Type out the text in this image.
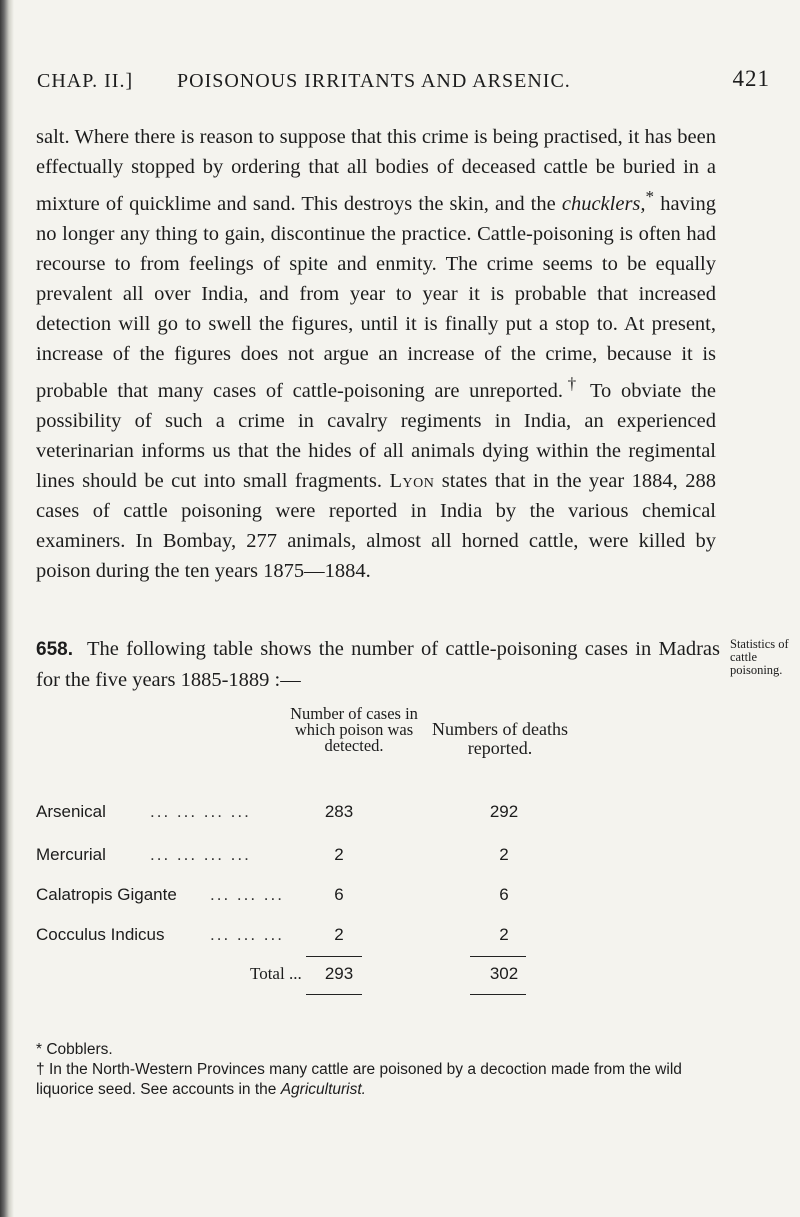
CHAP. II.] POISONOUS IRRITANTS AND ARSENIC.	421

salt. Where there is reason to suppose that this crime is being practised, it has been effectually stopped by ordering that all bodies of deceased cattle be buried in a mixture of quicklime and sand. This destroys the skin, and the chucklers,* having no longer any thing to gain, discontinue the practice. Cattle-poisoning is often had recourse to from feelings of spite and enmity. The crime seems to be equally prevalent all over India, and from year to year it is probable that increased detection will go to swell the figures, until it is finally put a stop to. At present, increase of the figures does not argue an increase of the crime, because it is probable that many cases of cattle-poisoning are unreported.† To obviate the possibility of such a crime in cavalry regiments in India, an experienced veterinarian informs us that the hides of all animals dying within the regimental lines should be cut into small fragments. Lyon states that in the year 1884, 288 cases of cattle poisoning were reported in India by the various chemical examiners. In Bombay, 277 animals, almost all horned cattle, were killed by poison during the ten years 1875—1884.

658. The following table shows the number of cattle-poisoning cases in Madras for the five years 1885-1889 :—
Statistics of cattle poisoning.
Number of cases in which poison was detected.
Numbers of deaths reported.
Arsenical	... ... ... ...	283	292
Mercurial	... ... ... ...	2	2
Calatropis Gigante ... ... ...	6	6
Cocculus Indicus	... ... ...	2	2
Total ...	293	302

* Cobblers.

† In the North-Western Provinces many cattle are poisoned by a decoction made from the wild liquorice seed. See accounts in the Agriculturist.
